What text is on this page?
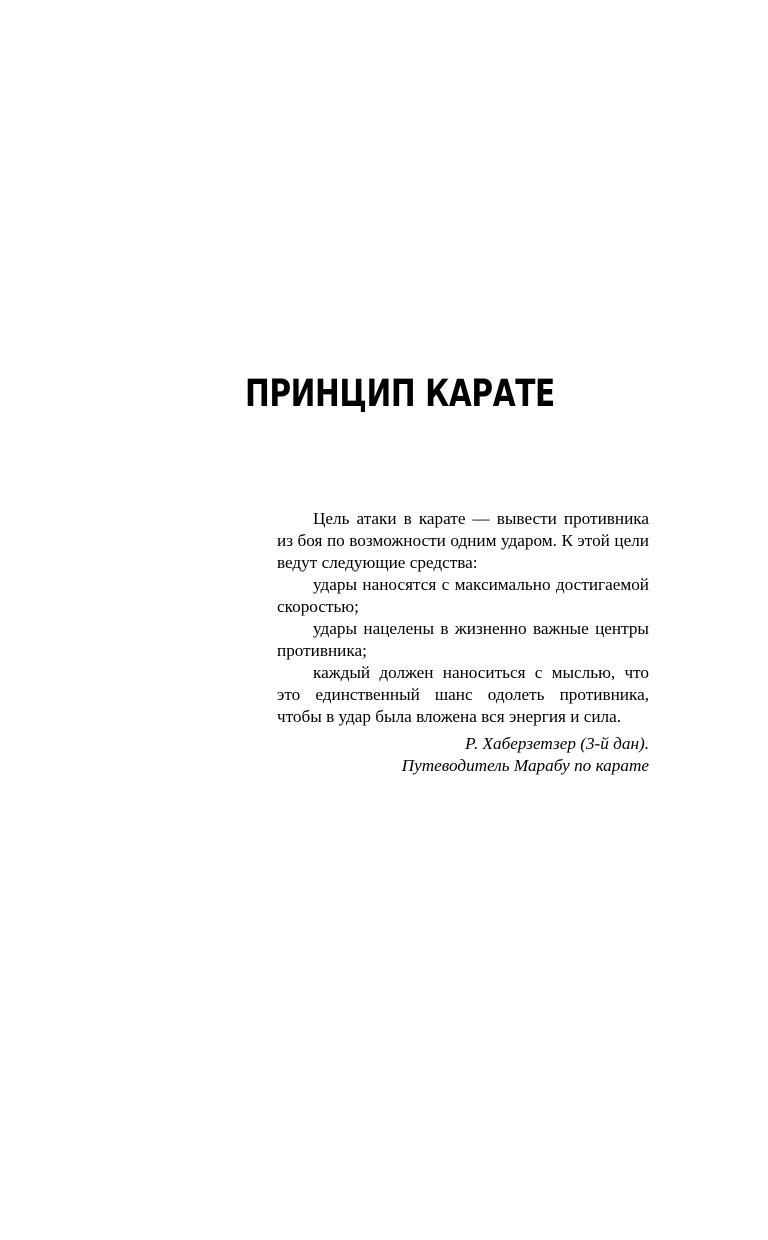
ПРИНЦИП КАРАТЕ

Цель атаки в карате — вывести противника из боя по возможности одним ударом. К этой цели ведут следующие средства:

удары наносятся с максимально достигаемой скоростью;

удары нацелены в жизненно важные центры противника;

каждый должен наноситься с мыслью, что это единственный шанс одолеть противника, чтобы в удар была вложена вся энергия и сила.

Р. Хаберзетзер (3-й дан).
Путеводитель Марабу по карате
